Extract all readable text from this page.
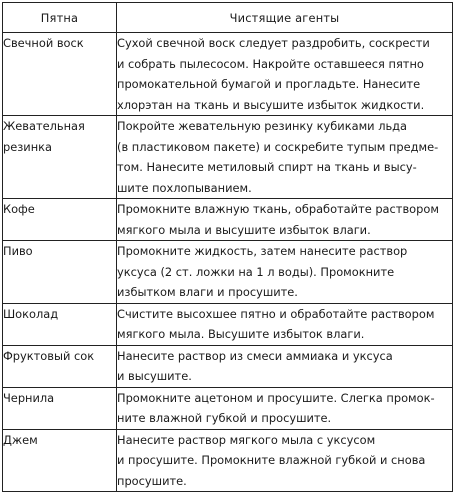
Пятна	Чистящие агенты

Свечной воск	Сухой свечной воск следует раздробить, соскрести
и собрать пылесосом. Накройте оставшееся пятно
промокательной бумагой и прогладьте. Нанесите
хлорэтан на ткань и высушите избыток жидкости.

Жевательная
резинка	Покройте жевательную резинку кубиками льда
(в пластиковом пакете) и соскребите тупым предме-
том. Нанесите метиловый спирт на ткань и высу-
шите похлопыванием.

Кофе	Промокните влажную ткань, обработайте раствором
мягкого мыла и высушите избыток влаги.

Пиво	Промокните жидкость, затем нанесите раствор
уксуса (2 ст. ложки на 1 л воды). Промокните
избытком влаги и просушите.

Шоколад	Счистите высохшее пятно и обработайте раствором
мягкого мыла. Высушите избыток влаги.

Фруктовый сок	Нанесите раствор из смеси аммиака и уксуса
и высушите.

Чернила	Промокните ацетоном и просушите. Слегка промок-
ните влажной губкой и просушите.

Джем	Нанесите раствор мягкого мыла с уксусом
и просушите. Промокните влажной губкой и снова
просушите.
